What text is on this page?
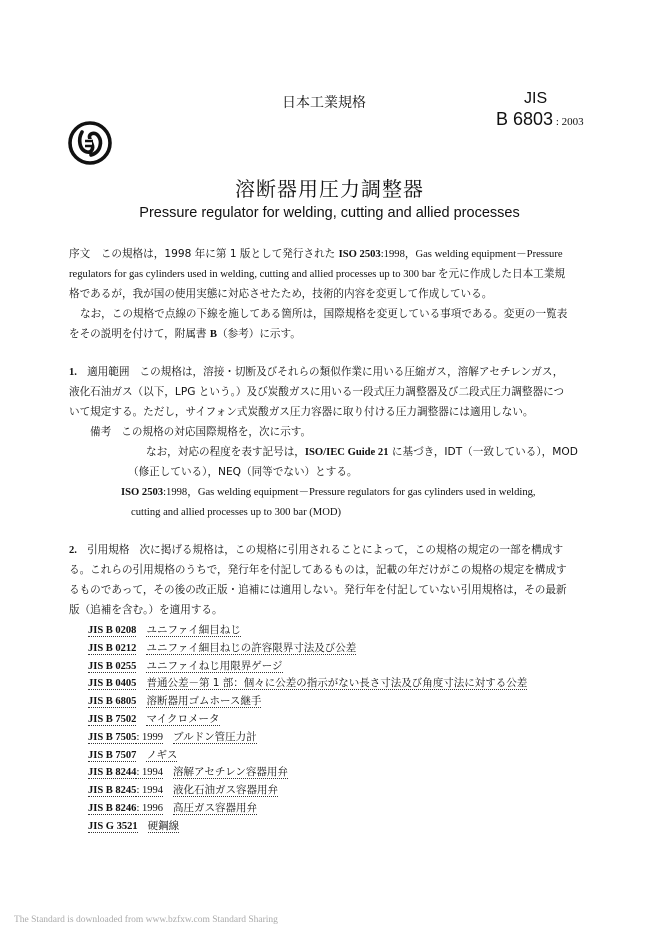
日本工業規格	JIS
B 6803 : 2003
溶断器用圧力調整器
Pressure regulator for welding, cutting and allied processes
序文　この規格は，1998 年に第 1 版として発行された ISO 2503:1998，Gas welding equipment－Pressure
regulators for gas cylinders used in welding, cutting and allied processes up to 300 bar を元に作成した日本工業規
格であるが，我が国の使用実態に対応させたため，技術的内容を変更して作成している。
なお，この規格で点線の下線を施してある箇所は，国際規格を変更している事項である。変更の一覧表
をその説明を付けて，附属書 B（参考）に示す。
1. 適用範囲 この規格は，溶接・切断及びそれらの類似作業に用いる圧縮ガス，溶解アセチレンガス，
液化石油ガス（以下，LPG という。）及び炭酸ガスに用いる一段式圧力調整器及び二段式圧力調整器につ
いて規定する。ただし，サイフォン式炭酸ガス圧力容器に取り付ける圧力調整器には適用しない。
備考 この規格の対応国際規格を，次に示す。
なお，対応の程度を表す記号は，ISO/IEC Guide 21 に基づき，IDT（一致している），MOD
（修正している），NEQ（同等でない）とする。
ISO 2503:1998，Gas welding equipment－Pressure regulators for gas cylinders used in welding,
cutting and allied processes up to 300 bar (MOD)
2. 引用規格 次に掲げる規格は，この規格に引用されることによって，この規格の規定の一部を構成す
る。これらの引用規格のうちで，発行年を付記してあるものは，記載の年だけがこの規格の規定を構成す
るものであって，その後の改正版・追補には適用しない。発行年を付記していない引用規格は，その最新
版（追補を含む。）を適用する。
JIS B 0208 ユニファイ細目ねじ
JIS B 0212 ユニファイ細目ねじの許容限界寸法及び公差
JIS B 0255 ユニファイねじ用限界ゲージ
JIS B 0405 普通公差－第 1 部：個々に公差の指示がない長さ寸法及び角度寸法に対する公差
JIS B 6805 溶断器用ゴムホース継手
JIS B 7502 マイクロメータ
JIS B 7505: 1999 ブルドン管圧力計
JIS B 7507 ノギス
JIS B 8244: 1994 溶解アセチレン容器用弁
JIS B 8245: 1994 液化石油ガス容器用弁
JIS B 8246: 1996 高圧ガス容器用弁
JIS G 3521 硬鋼線
The Standard is downloaded from www.bzfxw.com Standard Sharing
